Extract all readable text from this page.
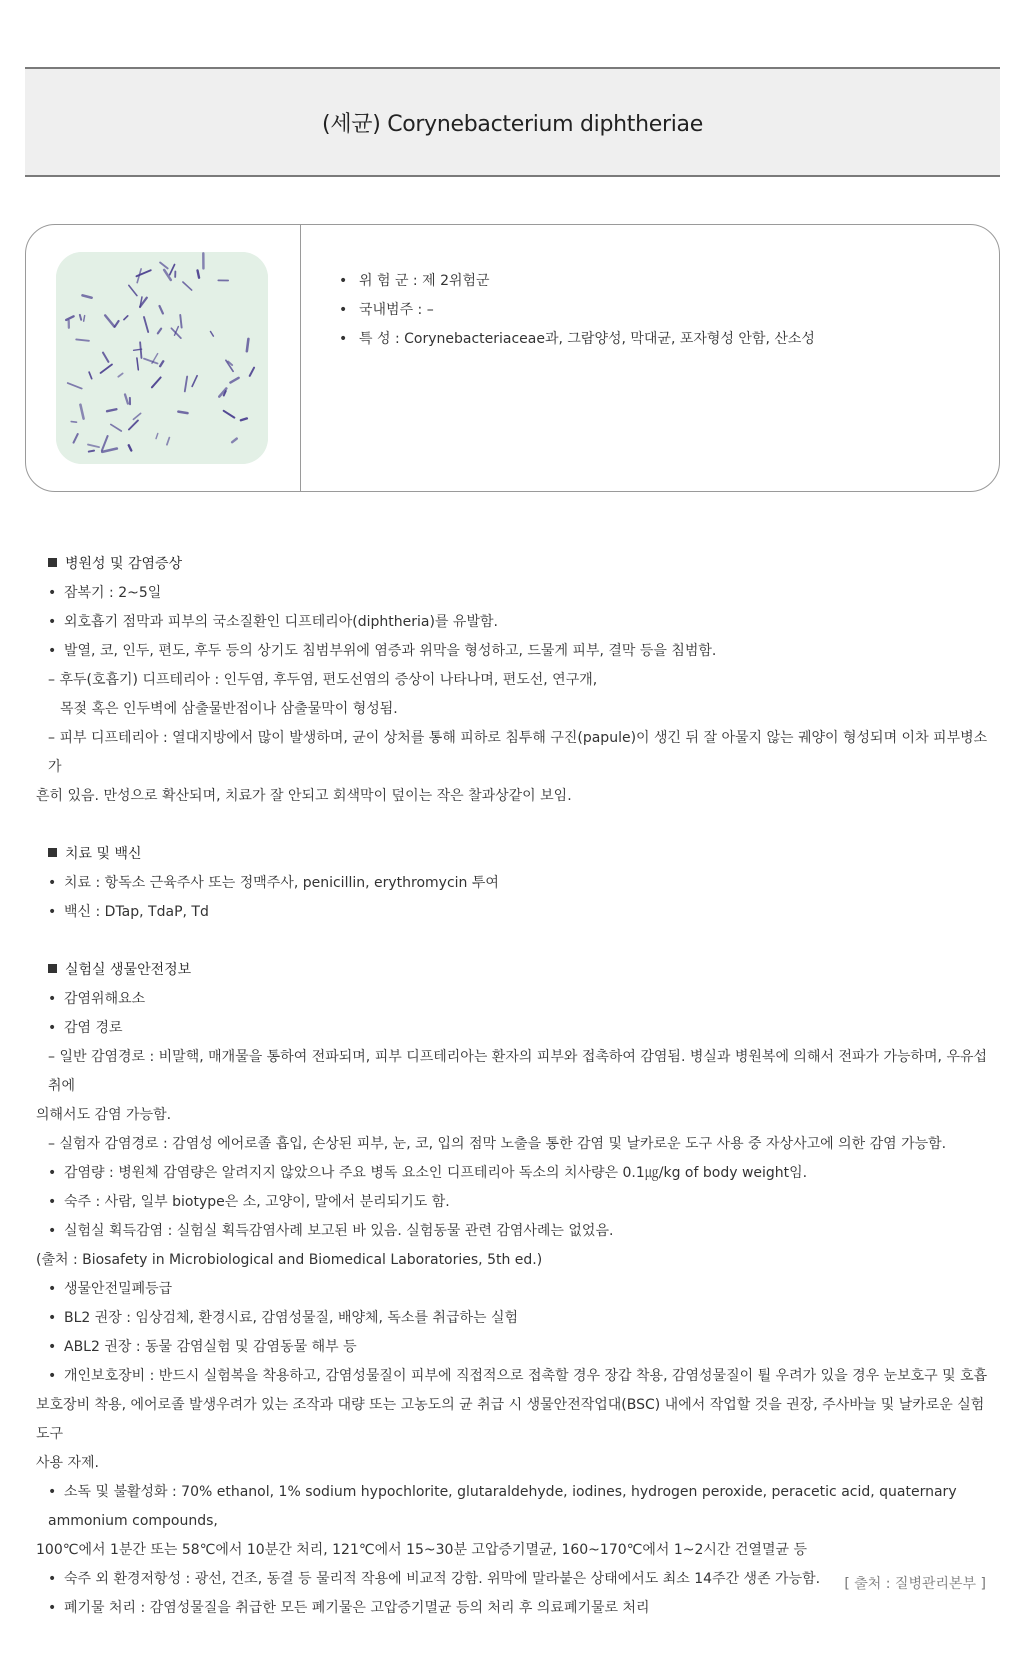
(세균) Corynebacterium diphtheriae
• 위 험 군 : 제 2위험군
• 국내범주 : –
• 특 성 : Corynebacteriaceae과, 그람양성, 막대균, 포자형성 안함, 산소성
병원성 및 감염증상
• 잠복기 : 2~5일
• 외호흡기 점막과 피부의 국소질환인 디프테리아(diphtheria)를 유발함.
• 발열, 코, 인두, 편도, 후두 등의 상기도 침범부위에 염증과 위막을 형성하고, 드물게 피부, 결막 등을 침범함.
– 후두(호흡기) 디프테리아 : 인두염, 후두염, 편도선염의 증상이 나타나며, 편도선, 연구개,
목젖 혹은 인두벽에 삼출물반점이나 삼출물막이 형성됨.
– 피부 디프테리아 : 열대지방에서 많이 발생하며, 균이 상처를 통해 피하로 침투해 구진(papule)이 생긴 뒤 잘 아물지 않는 궤양이 형성되며 이차 피부병소가
흔히 있음. 만성으로 확산되며, 치료가 잘 안되고 회색막이 덮이는 작은 찰과상같이 보임.
치료 및 백신
• 치료 : 항독소 근육주사 또는 정맥주사, penicillin, erythromycin 투여
• 백신 : DTap, TdaP, Td
실험실 생물안전정보
• 감염위해요소
• 감염 경로
– 일반 감염경로 : 비말핵, 매개물을 통하여 전파되며, 피부 디프테리아는 환자의 피부와 접촉하여 감염됨. 병실과 병원복에 의해서 전파가 가능하며, 우유섭취에
의해서도 감염 가능함.
– 실험자 감염경로 : 감염성 에어로졸 흡입, 손상된 피부, 눈, 코, 입의 점막 노출을 통한 감염 및 날카로운 도구 사용 중 자상사고에 의한 감염 가능함.
• 감염량 : 병원체 감염량은 알려지지 않았으나 주요 병독 요소인 디프테리아 독소의 치사량은 0.1㎍/kg of body weight임.
• 숙주 : 사람, 일부 biotype은 소, 고양이, 말에서 분리되기도 함.
• 실험실 획득감염 : 실험실 획득감염사례 보고된 바 있음. 실험동물 관련 감염사례는 없었음.
(출처 : Biosafety in Microbiological and Biomedical Laboratories, 5th ed.)
• 생물안전밀폐등급
• BL2 권장 : 임상검체, 환경시료, 감염성물질, 배양체, 독소를 취급하는 실험
• ABL2 권장 : 동물 감염실험 및 감염동물 해부 등
• 개인보호장비 : 반드시 실험복을 착용하고, 감염성물질이 피부에 직접적으로 접촉할 경우 장갑 착용, 감염성물질이 튈 우려가 있을 경우 눈보호구 및 호흡
보호장비 착용, 에어로졸 발생우려가 있는 조작과 대량 또는 고농도의 균 취급 시 생물안전작업대(BSC) 내에서 작업할 것을 권장, 주사바늘 및 날카로운 실험도구
사용 자제.
• 소독 및 불활성화 : 70% ethanol, 1% sodium hypochlorite, glutaraldehyde, iodines, hydrogen peroxide, peracetic acid, quaternary ammonium compounds,
100℃에서 1분간 또는 58℃에서 10분간 처리, 121℃에서 15~30분 고압증기멸균, 160~170℃에서 1~2시간 건열멸균 등
• 숙주 외 환경저항성 : 광선, 건조, 동결 등 물리적 작용에 비교적 강함. 위막에 말라붙은 상태에서도 최소 14주간 생존 가능함.
• 폐기물 처리 : 감염성물질을 취급한 모든 폐기물은 고압증기멸균 등의 처리 후 의료폐기물로 처리
[ 출처 : 질병관리본부 ]
